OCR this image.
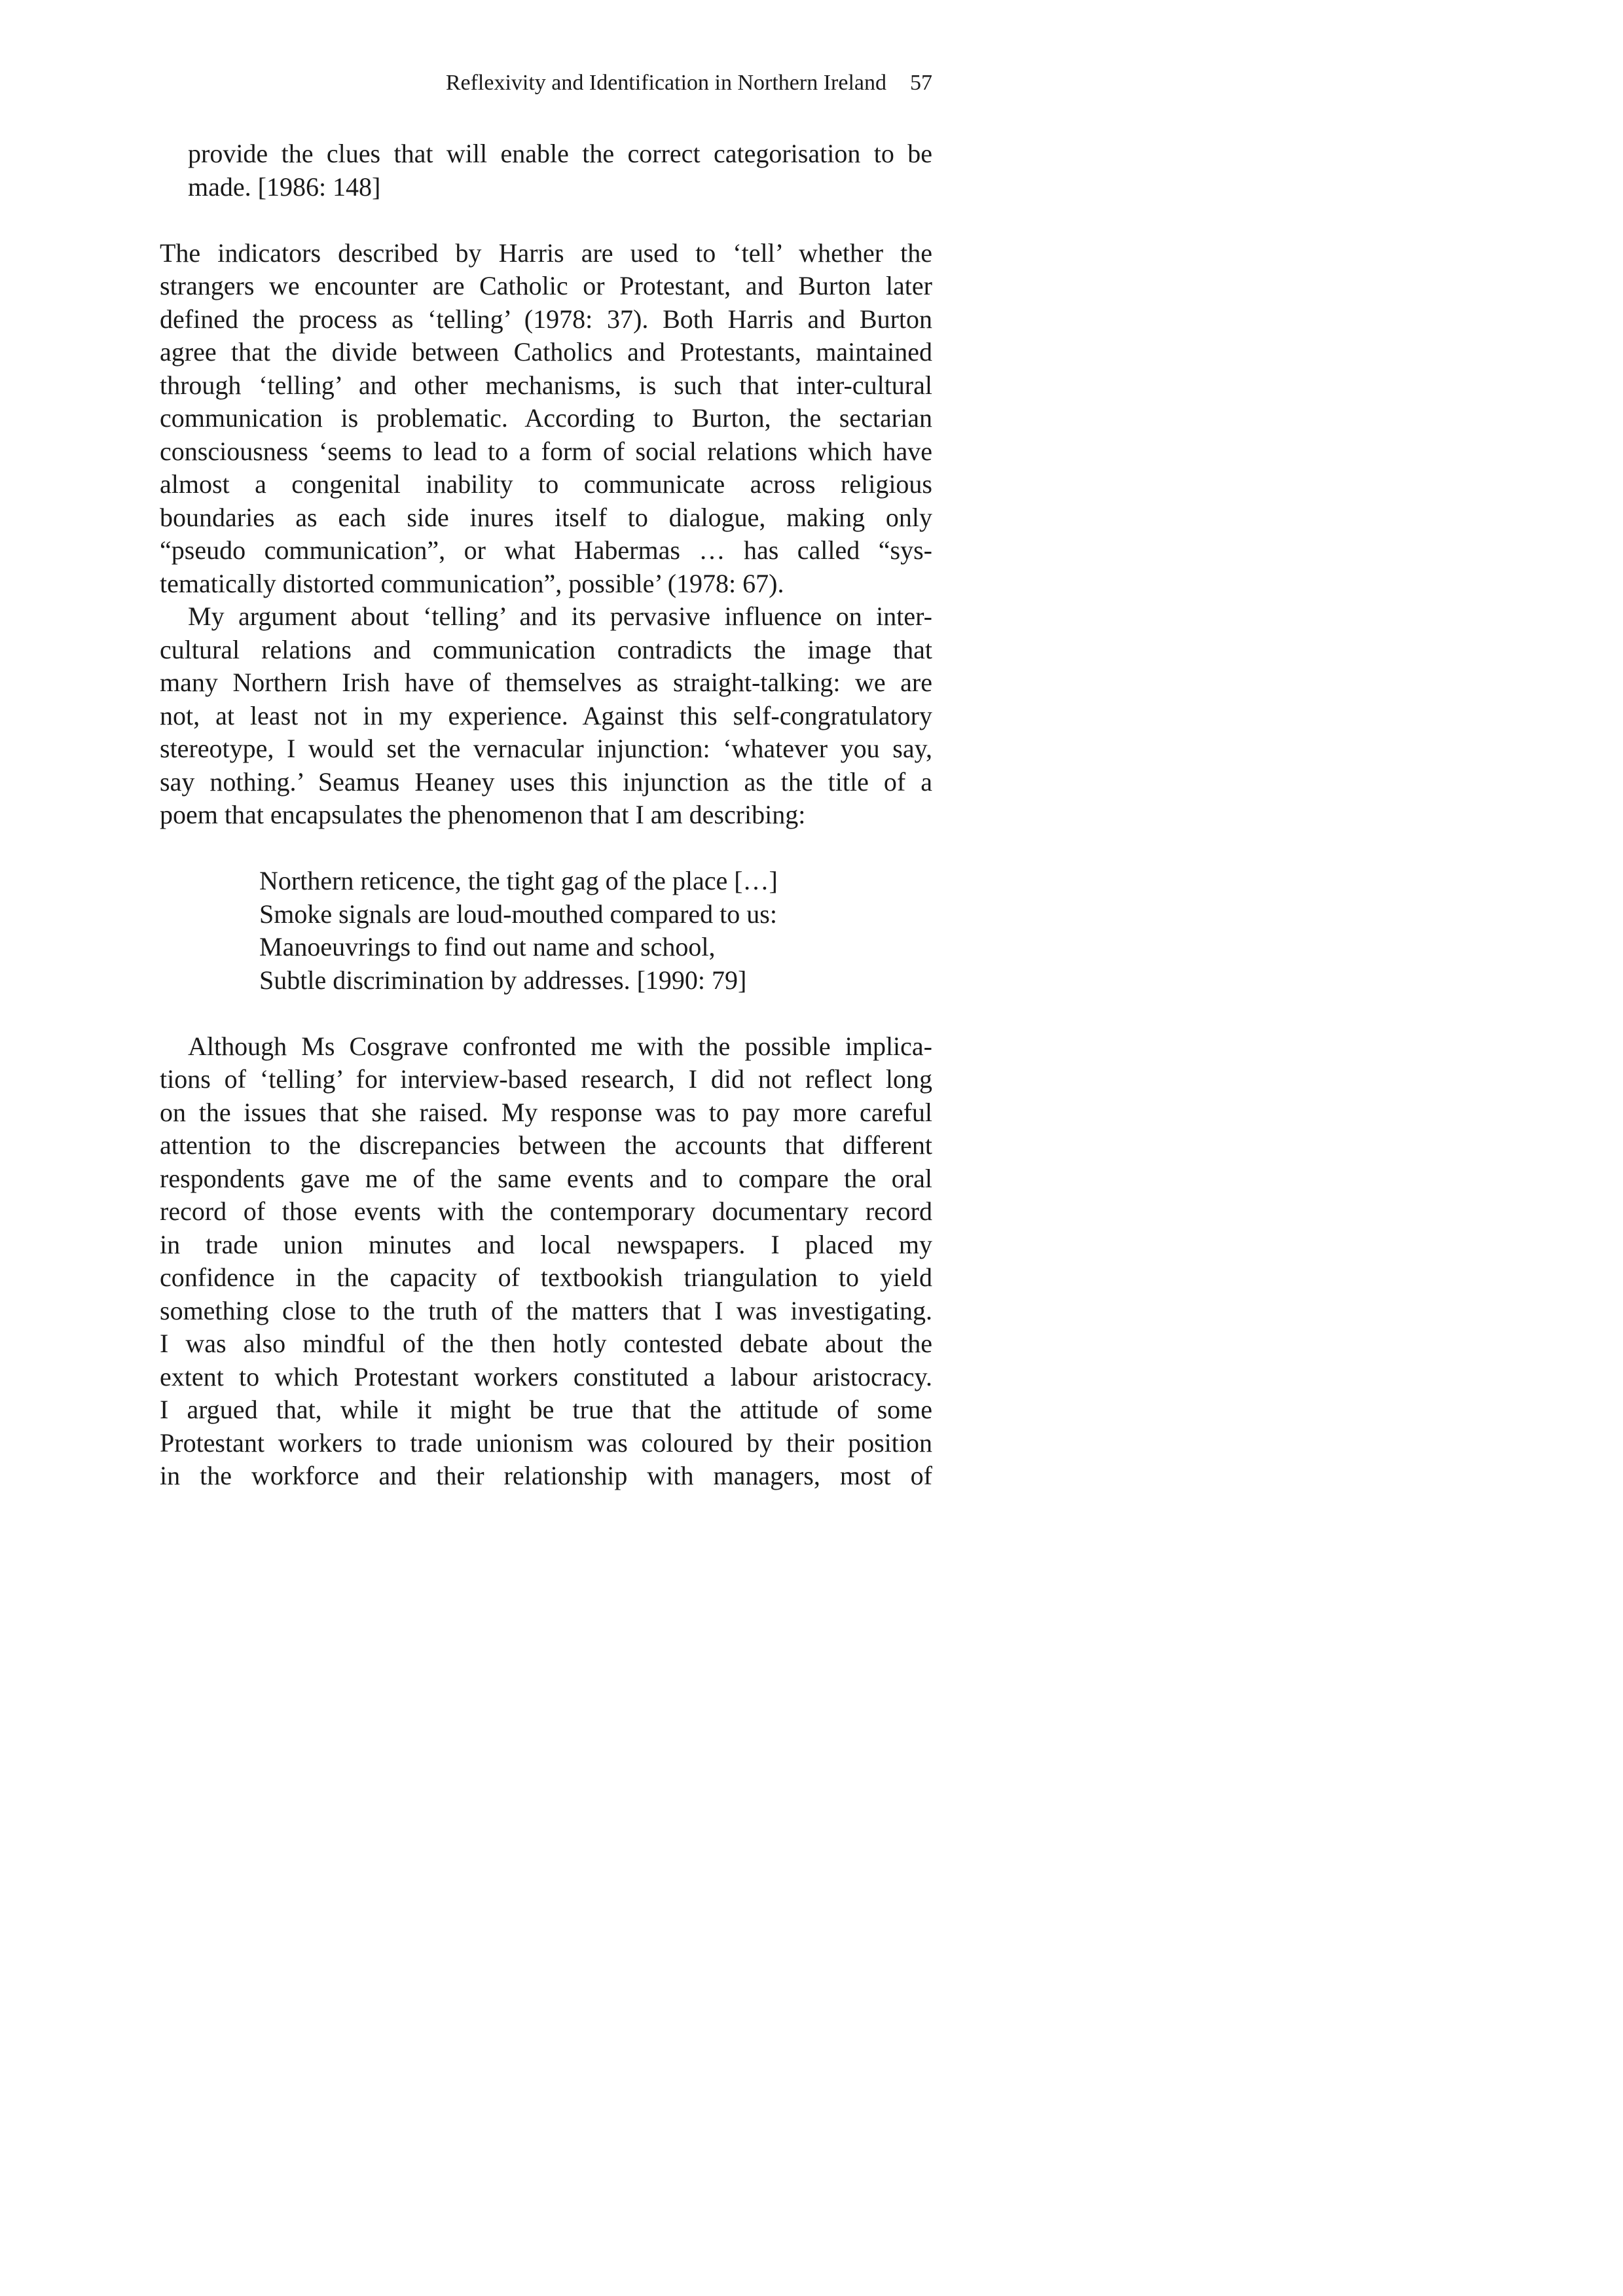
Reflexivity and Identification in Northern Ireland 57
provide the clues that will enable the correct categorisation to be
made. [1986: 148]
The indicators described by Harris are used to ‘tell’ whether the
strangers we encounter are Catholic or Protestant, and Burton later
defined the process as ‘telling’ (1978: 37). Both Harris and Burton
agree that the divide between Catholics and Protestants, maintained
through ‘telling’ and other mechanisms, is such that inter-cultural
communication is problematic. According to Burton, the sectarian
consciousness ‘seems to lead to a form of social relations which have
almost a congenital inability to communicate across religious
boundaries as each side inures itself to dialogue, making only
“pseudo communication”, or what Habermas … has called “sys-
tematically distorted communication”, possible’ (1978: 67).
My argument about ‘telling’ and its pervasive influence on inter-
cultural relations and communication contradicts the image that
many Northern Irish have of themselves as straight-talking: we are
not, at least not in my experience. Against this self-congratulatory
stereotype, I would set the vernacular injunction: ‘whatever you say,
say nothing.’ Seamus Heaney uses this injunction as the title of a
poem that encapsulates the phenomenon that I am describing:
Northern reticence, the tight gag of the place […]
Smoke signals are loud-mouthed compared to us:
Manoeuvrings to find out name and school,
Subtle discrimination by addresses. [1990: 79]
Although Ms Cosgrave confronted me with the possible implica-
tions of ‘telling’ for interview-based research, I did not reflect long
on the issues that she raised. My response was to pay more careful
attention to the discrepancies between the accounts that different
respondents gave me of the same events and to compare the oral
record of those events with the contemporary documentary record
in trade union minutes and local newspapers. I placed my
confidence in the capacity of textbookish triangulation to yield
something close to the truth of the matters that I was investigating.
I was also mindful of the then hotly contested debate about the
extent to which Protestant workers constituted a labour aristocracy.
I argued that, while it might be true that the attitude of some
Protestant workers to trade unionism was coloured by their position
in the workforce and their relationship with managers, most of
